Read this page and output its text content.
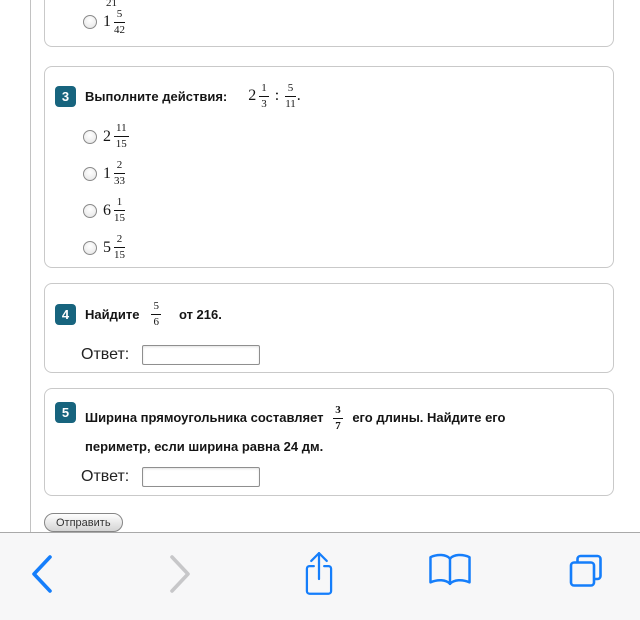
21
$1 \frac{5}{42}$
3	Выполните действия: $2 \frac{1}{3}$ : $\frac{5}{11}$ .
$2 \frac{11}{15}$
$1 \frac{2}{33}$
$6 \frac{1}{15}$
$5 \frac{2}{15}$
4	Найдите $\frac{5}{6}$ от 216.
Ответ:
5	Ширина прямоугольника составляет $\frac{3}{7}$ его длины. Найдите его периметр, если ширина равна 24 дм.
Ответ:
Отправить
